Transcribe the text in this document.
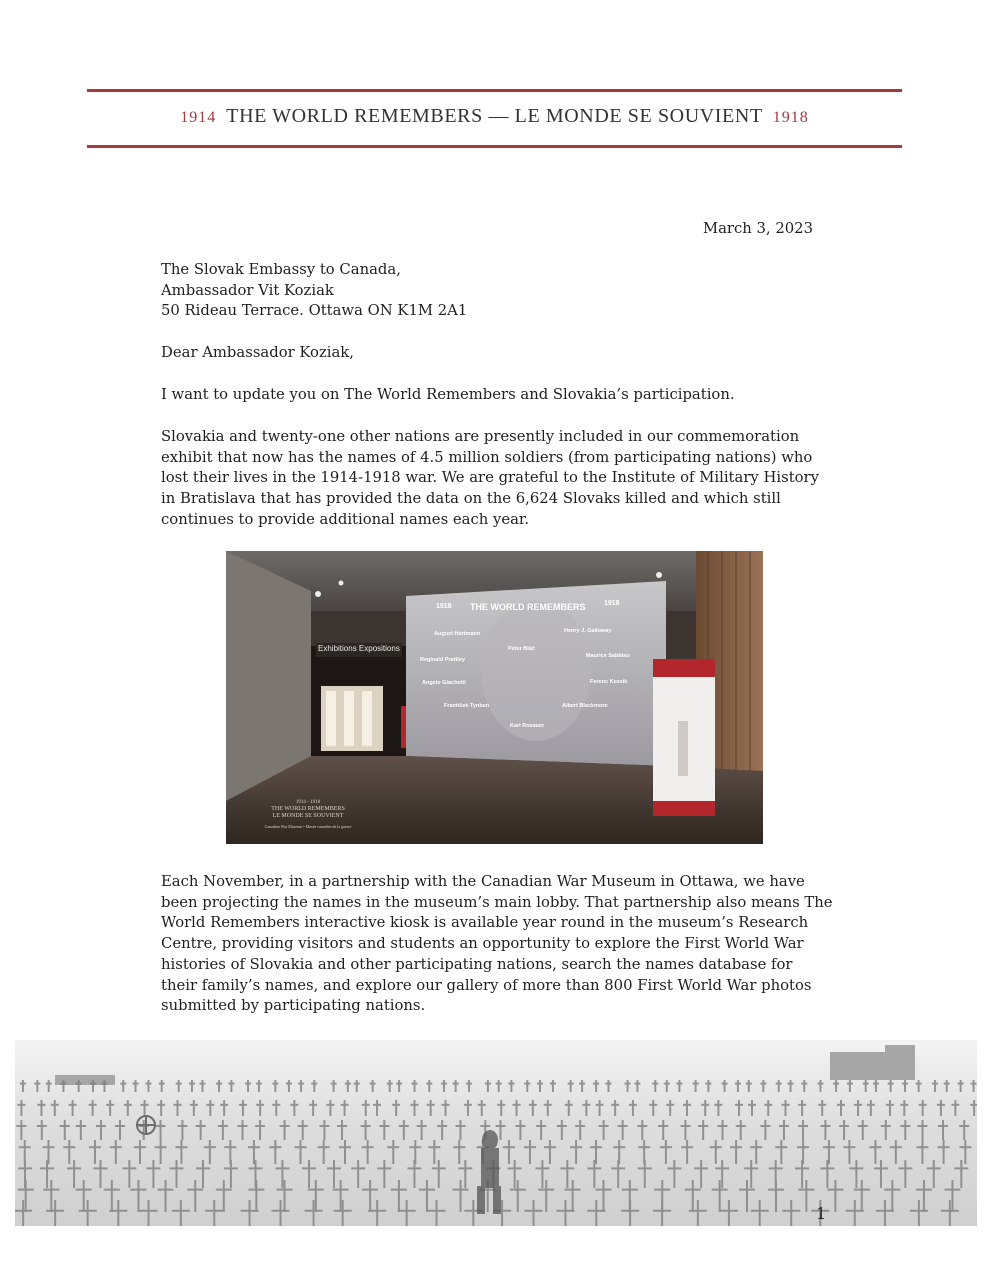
1914 THE WORLD REMEMBERS — LE MONDE SE SOUVIENT 1918
March 3, 2023
The Slovak Embassy to Canada,
Ambassador Vit Koziak
50 Rideau Terrace. Ottawa ON K1M 2A1
Dear Ambassador Koziak,
I want to update you on The World Remembers and Slovakia’s participation.
Slovakia and twenty-one other nations are presently included in our commemoration exhibit that now has the names of 4.5 million soldiers (from participating nations) who lost their lives in the 1914-1918 war. We are grateful to the Institute of Military History in Bratislava that has provided the data on the 6,624 Slovaks killed and which still continues to provide additional names each year.
Exhibitions Expositions
1918 THE WORLD REMEMBERS	1918
August Hartmann	Henry J. Galloway
Peter Blač
Reginald Prattley
Maurice Sabbiau
Angelo Giachetti	Ferenc Kozsik
František Tynben	Albert Blackmore
Karl Rosauer
1914 - 1918
THE WORLD REMEMBERS
LE MONDE SE SOUVIENT
Canadian War Museum • Musée canadien de la guerre
Each November, in a partnership with the Canadian War Museum in Ottawa, we have been projecting the names in the museum’s main lobby. That partnership also means The World Remembers interactive kiosk is available year round in the museum’s Research Centre, providing visitors and students an opportunity to explore the First World War histories of Slovakia and other participating nations, search the names database for their family’s names, and explore our gallery of more than 800 First World War photos submitted by participating nations.
1
